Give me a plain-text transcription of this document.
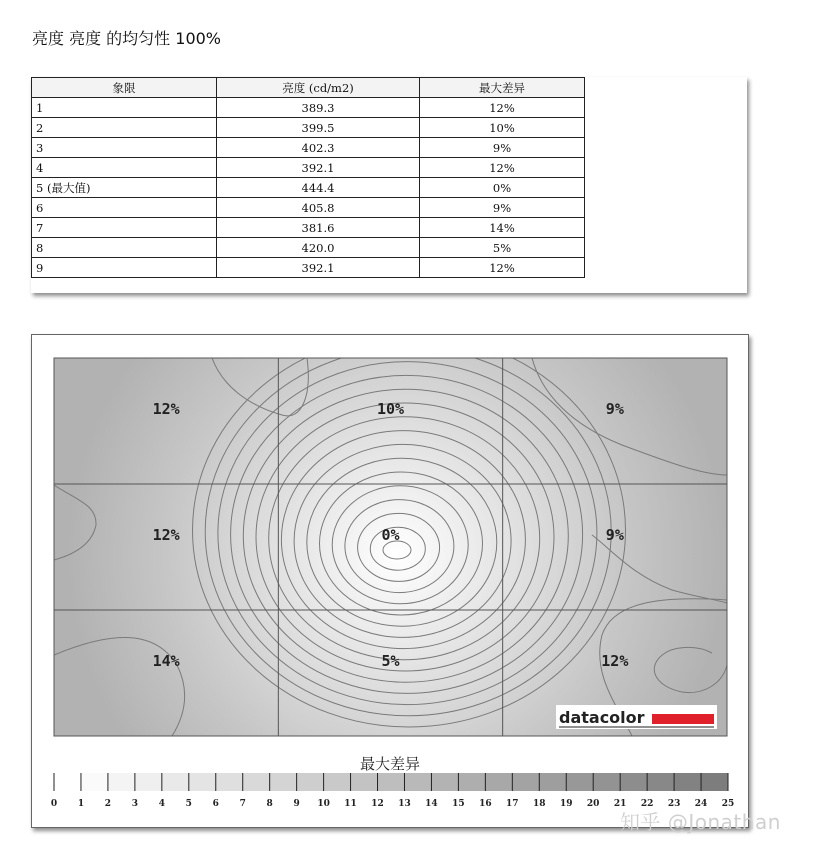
亮度 亮度 的均匀性 100%
象限	亮度 (cd/m2)	最大差异
1	389.3	12%
2	399.5	10%
3	402.3	9%
4	392.1	12%
5 (最大值)	444.4	0%
6	405.8	9%
7	381.6	14%
8	420.0	5%
9	392.1	12%
12%	10%	9%
12%	0%	9%
14%	5%	12%
datacolor
最大差异
0 1 2 3 4 5 6 7 8 9 10 11 12 13 14 15 16 17 18 19 20 21 22 23 24 25
知乎 @Jonathan
